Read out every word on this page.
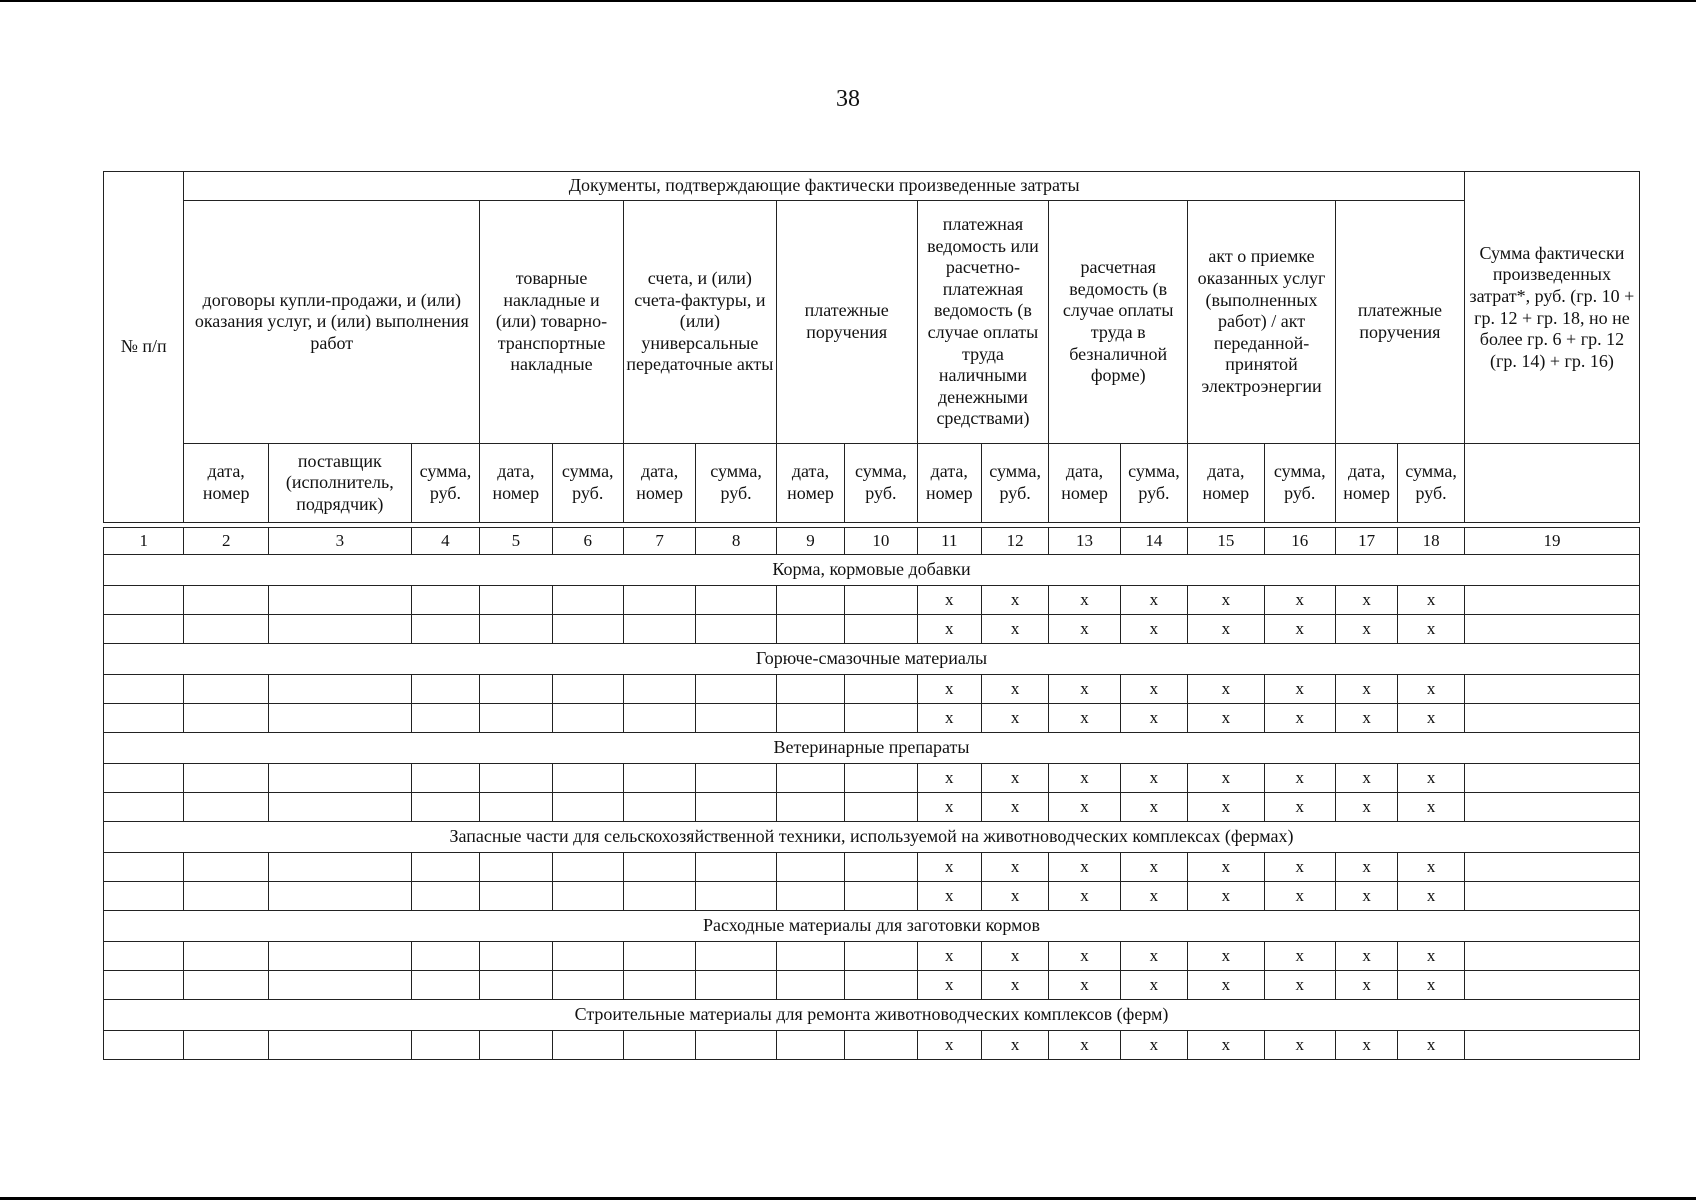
38
№ п/п	Документы, подтверждающие фактически произведенные затраты																	Сумма фактически произведенных затрат*, руб. (гр. 10 + гр. 12 + гр. 18, но не более гр. 6 + гр. 12 (гр. 14) + гр. 16)
	договоры купли-продажи, и (или) оказания услуг, и (или) выполнения работ			товарные накладные и (или) товарно-транспортные накладные		счета, и (или) счета-фактуры, и (или) универсальные передаточные акты		платежные поручения		платежная ведомость или расчетно-платежная ведомость (в случае оплаты труда наличными денежными средствами)		расчетная ведомость (в случае оплаты труда в безналичной форме)		акт о приемке оказанных услуг (выполненных работ) / акт переданной-принятой электроэнергии		платежные поручения		
	дата, номер	поставщик (исполнитель, подрядчик)	сумма, руб.	дата, номер	сумма, руб.	дата, номер	сумма, руб.	дата, номер	сумма, руб.	дата, номер	сумма, руб.	дата, номер	сумма, руб.	дата, номер	сумма, руб.	дата, номер	сумма, руб.	

1	2	3	4	5	6	7	8	9	10	11	12	13	14	15	16	17	18	19
Корма, кормовые добавки																		
										x	x	x	x	x	x	x	x	
										x	x	x	x	x	x	x	x	
Горюче-смазочные материалы																		
										x	x	x	x	x	x	x	x	
										x	x	x	x	x	x	x	x	
Ветеринарные препараты																		
										x	x	x	x	x	x	x	x	
										x	x	x	x	x	x	x	x	
Запасные части для сельскохозяйственной техники, используемой на животноводческих комплексах (фермах)																		
										x	x	x	x	x	x	x	x	
										x	x	x	x	x	x	x	x	
Расходные материалы для заготовки кормов																		
										x	x	x	x	x	x	x	x	
										x	x	x	x	x	x	x	x	
Строительные материалы для ремонта животноводческих комплексов (ферм)																		
										x	x	x	x	x	x	x	x	
